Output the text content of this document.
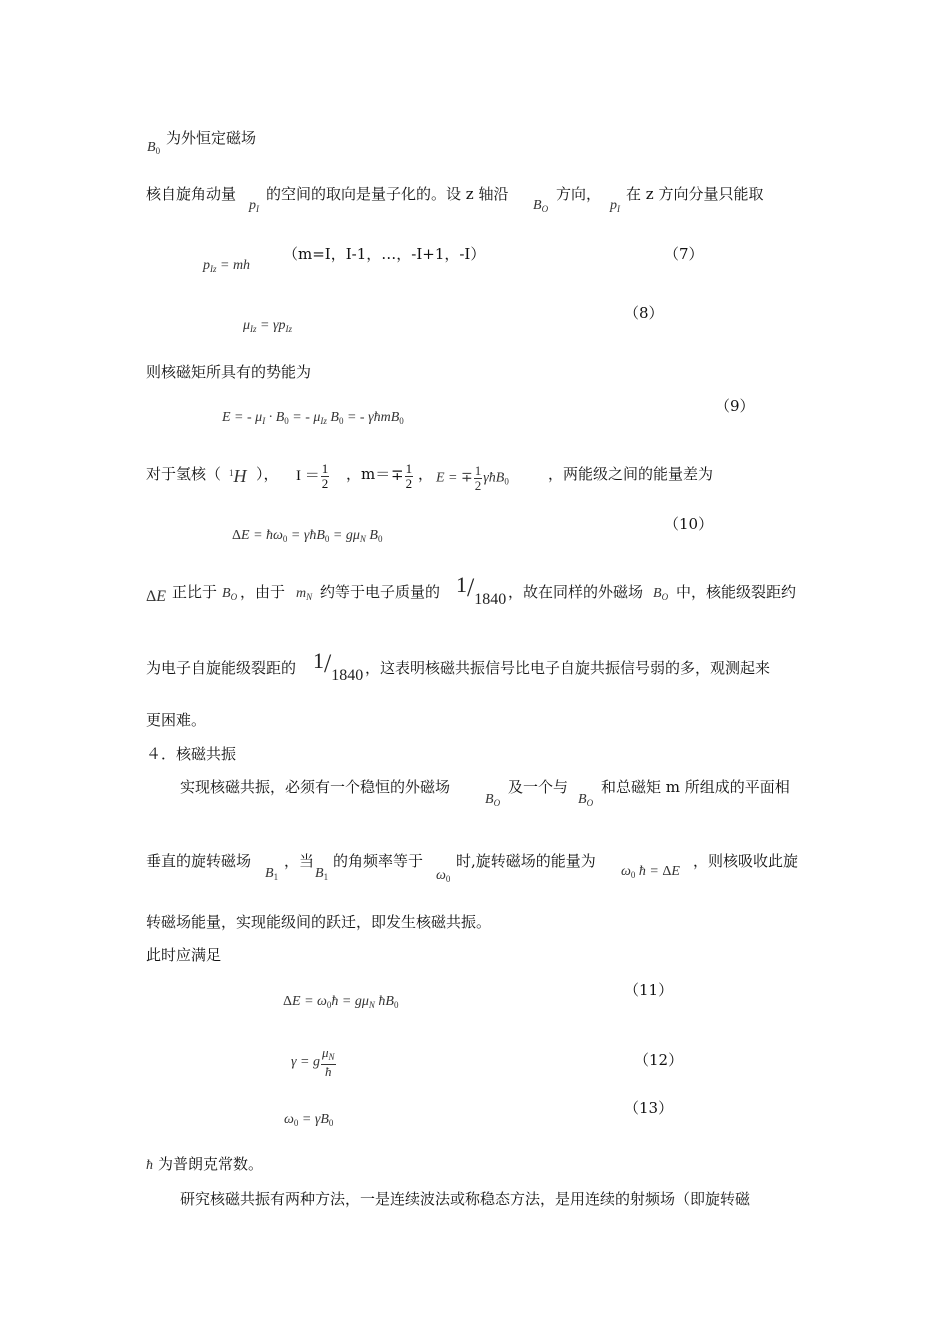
$B_0$
为外恒定磁场
核自旋角动量
$p_I$
的空间的取向是量子化的。设 z 轴沿
$B_O$
方向，
$p_I$
在 z 方向分量只能取
$p_{Iz}$ = mh
（m=I，I-1，…，-I+1，-I）	（7）
$\mu_{Iz} = \gamma p_{Iz}$
（8）
则核磁矩所具有的势能为
E = - $\mu_I \cdot B_0$ = - $\mu_{Iz}$ $B_0$ = - γħmB$_0$
（9）
对于氢核（ $^1$H ）， $I = \frac{1}{2}$ ，$m= \mp \frac{1}{2}$ ， E = ∓ $\frac{1}{2}$ γħB$_0$	，两能级之间的能量差为
$\Delta E = ħ\omega_0$ = γħB$_0$ = $g\mu_N$ $B_0$
（10）
ΔE 正比于 $B_O$ ，由于 $m_N$ 约等于电子质量的 $1/_{1840}$ ，故在同样的外磁场 $B_O$ 中，核能级裂距约
为电子自旋能级裂距的 $1/_{1840}$ ，这表明核磁共振信号比电子自旋共振信号弱的多，观测起来
更困难。
４．核磁共振
实现核磁共振，必须有一个稳恒的外磁场
$B_O$
及一个与
$B_O$
和总磁矩 m 所组成的平面相
垂直的旋转磁场
$B_1$
，当
$B_1$
的角频率等于
$\omega_0$
时,旋转磁场的能量为
$\omega_0$ ħ = ΔE
，则核吸收此旋
转磁场能量，实现能级间的跃迁，即发生核磁共振。
此时应满足
$\Delta E = \omega_0ħ = g\mu_N$ $ħB_0$
（11）
γ = g $\frac{\mu_N}{ħ}$	（12）
$\omega_0 = \gamma B_0$
（13）
ħ 为普朗克常数。
研究核磁共振有两种方法，一是连续波法或称稳态方法，是用连续的射频场（即旋转磁
